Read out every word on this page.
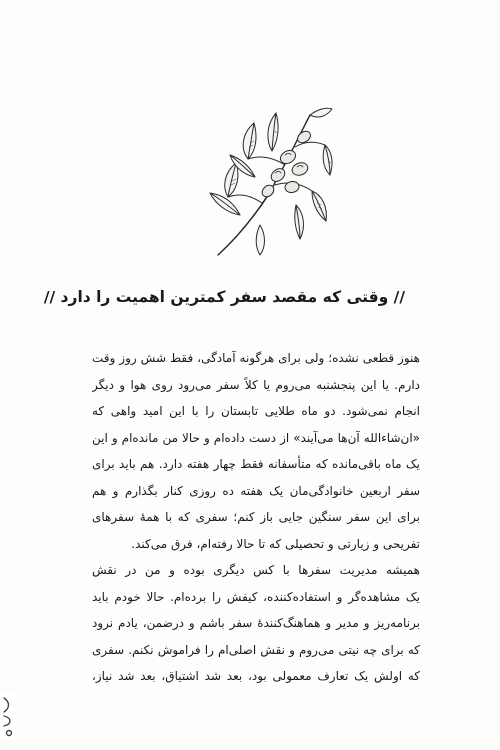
// وقتی که مقصد سفر کمترین اهمیت را دارد //

هنوز قطعی نشده؛ ولی برای هرگونه آمادگی، فقط شش روز وقت
دارم. یا این پنجشنبه می‌روم یا کلاً سفر می‌رود روی هوا و دیگر
انجام نمی‌شود. دو ماه طلایی تابستان را با این امید واهی که
«ان‌شاءالله آن‌ها می‌آیند» از دست داده‌ام و حالا من مانده‌ام و این
یک ماه باقی‌مانده که متأسفانه فقط چهار هفته دارد. هم باید برای
سفر اربعین خانوادگی‌مان یک هفته ده روزی کنار بگذارم و هم
برای این سفر سنگین جایی باز کنم؛ سفری که با همهٔ سفرهای
تفریحی و زیارتی و تحصیلی که تا حالا رفته‌ام، فرق می‌کند.

همیشه مدیریت سفرها با کس دیگری بوده و من در نقش
یک مشاهده‌گر و استفاده‌کننده، کیفش را برده‌ام. حالا خودم باید
برنامه‌ریز و مدیر و هماهنگ‌کنندهٔ سفر باشم و درضمن، یادم نرود
که برای چه نیتی می‌روم و نقش اصلی‌ام را فراموش نکنم. سفری
که اولش یک تعارف معمولی بود، بعد شد اشتیاق، بعد شد نیاز،
